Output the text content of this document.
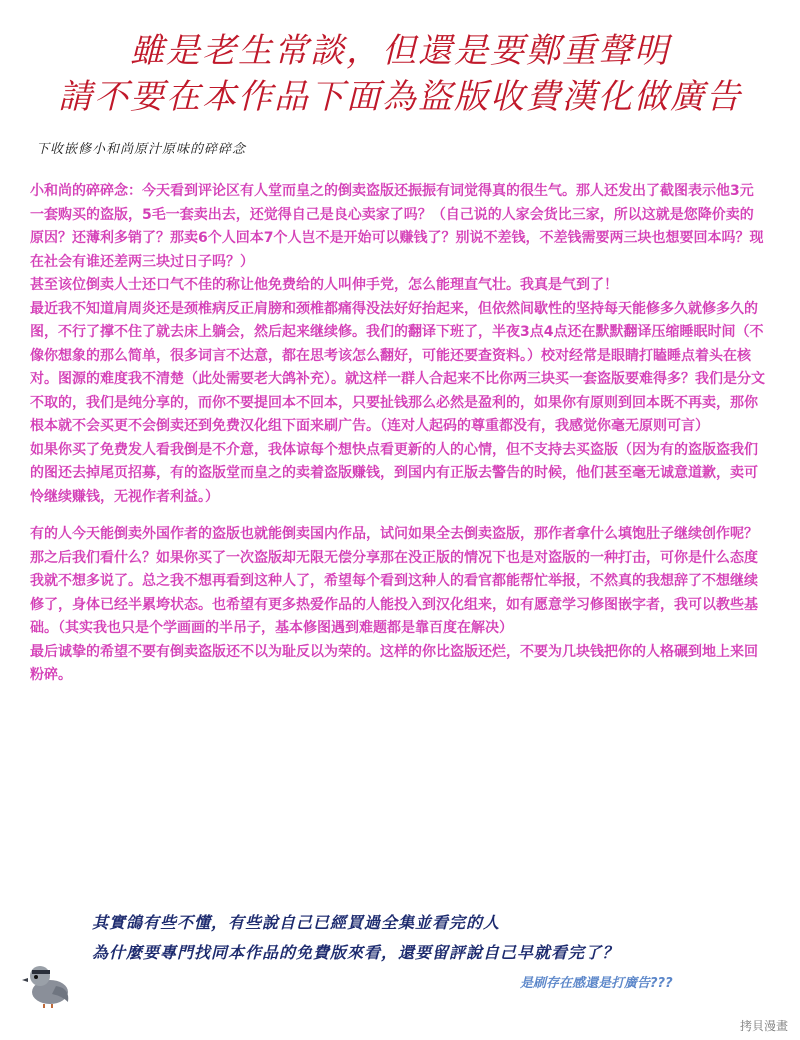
雖是老生常談，但還是要鄭重聲明
請不要在本作品下面為盜版收費漢化做廣告
下收嵌修小和尚原汁原味的碎碎念

小和尚的碎碎念：今天看到评论区有人堂而皇之的倒卖盗版还振振有词觉得真的很生气。那人还发出了截图表示他3元一套购买的盗版，5毛一套卖出去，还觉得自己是良心卖家了吗？（自己说的人家会货比三家，所以这就是您降价卖的原因？还薄利多销了？那卖6个人回本7个人岂不是开始可以赚钱了？别说不差钱，不差钱需要两三块也想要回本吗？现在社会有谁还差两三块过日子吗？）

甚至该位倒卖人士还口气不佳的称让他免费给的人叫伸手党，怎么能理直气壮。我真是气到了！

最近我不知道肩周炎还是颈椎病反正肩膀和颈椎都痛得没法好好抬起来，但依然间歇性的坚持每天能修多久就修多久的图，不行了撑不住了就去床上躺会，然后起来继续修。我们的翻译下班了，半夜3点4点还在默默翻译压缩睡眠时间（不像你想象的那么简单，很多词言不达意，都在思考该怎么翻好，可能还要查资料。）校对经常是眼睛打瞌睡点着头在核对。图源的难度我不清楚（此处需要老大鸽补充）。就这样一群人合起来不比你两三块买一套盗版要难得多？我们是分文不取的，我们是纯分享的，而你不要提回本不回本，只要扯钱那么必然是盈利的，如果你有原则到回本既不再卖，那你根本就不会买更不会倒卖还到免费汉化组下面来刷广告。（连对人起码的尊重都没有，我感觉你毫无原则可言）

如果你买了免费发人看我倒是不介意，我体谅每个想快点看更新的人的心情，但不支持去买盗版（因为有的盗版盗我们的图还去掉尾页招募，有的盗版堂而皇之的卖着盗版赚钱，到国内有正版去警告的时候，他们甚至毫无诚意道歉，卖可怜继续赚钱，无视作者利益。）

有的人今天能倒卖外国作者的盗版也就能倒卖国内作品，试问如果全去倒卖盗版，那作者拿什么填饱肚子继续创作呢？那之后我们看什么？如果你买了一次盗版却无限无偿分享那在没正版的情况下也是对盗版的一种打击，可你是什么态度我就不想多说了。总之我不想再看到这种人了，希望每个看到这种人的看官都能帮忙举报，不然真的我想辞了不想继续修了，身体已经半累垮状态。也希望有更多热爱作品的人能投入到汉化组来，如有愿意学习修图嵌字者，我可以教些基础。（其实我也只是个学画画的半吊子，基本修图遇到难题都是靠百度在解决）

最后诚挚的希望不要有倒卖盗版还不以为耻反以为荣的。这样的你比盗版还烂，不要为几块钱把你的人格碾到地上来回粉碎。

其實鴿有些不懂，有些說自己已經買過全集並看完的人
為什麼要專門找同本作品的免費版來看，還要留評說自己早就看完了？
是刷存在感還是打廣告???
拷貝漫畫
